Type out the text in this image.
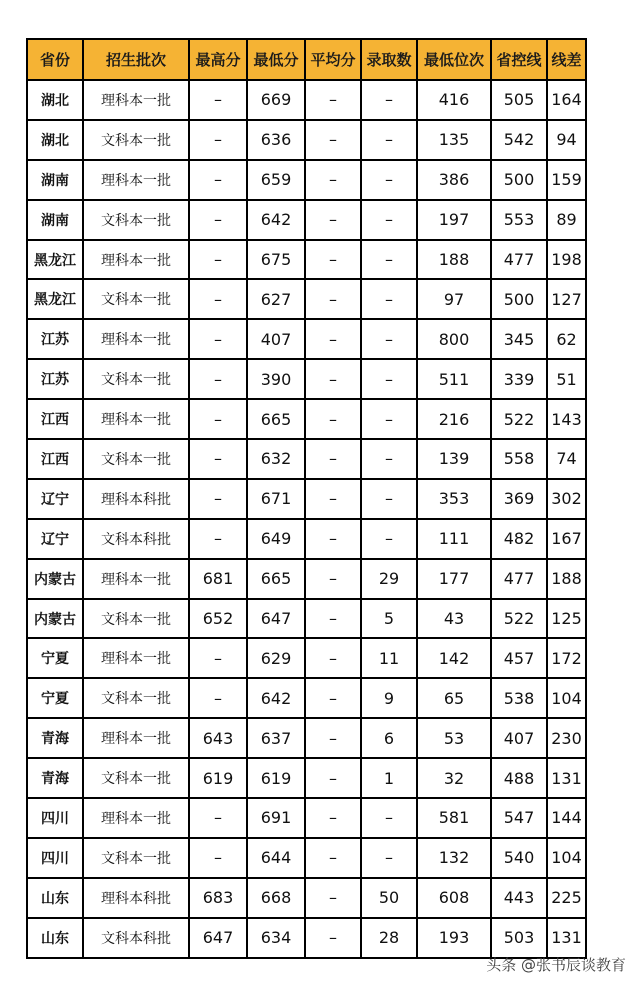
省份	招生批次	最高分	最低分	平均分	录取数	最低位次	省控线	线差
湖北	理科本一批	–	669	–	–	416	505	164
湖北	文科本一批	–	636	–	–	135	542	94
湖南	理科本一批	–	659	–	–	386	500	159
湖南	文科本一批	–	642	–	–	197	553	89
黑龙江	理科本一批	–	675	–	–	188	477	198
黑龙江	文科本一批	–	627	–	–	97	500	127
江苏	理科本一批	–	407	–	–	800	345	62
江苏	文科本一批	–	390	–	–	511	339	51
江西	理科本一批	–	665	–	–	216	522	143
江西	文科本一批	–	632	–	–	139	558	74
辽宁	理科本科批	–	671	–	–	353	369	302
辽宁	文科本科批	–	649	–	–	111	482	167
内蒙古	理科本一批	681	665	–	29	177	477	188
内蒙古	文科本一批	652	647	–	5	43	522	125
宁夏	理科本一批	–	629	–	11	142	457	172
宁夏	文科本一批	–	642	–	9	65	538	104
青海	理科本一批	643	637	–	6	53	407	230
青海	文科本一批	619	619	–	1	32	488	131
四川	理科本一批	–	691	–	–	581	547	144
四川	文科本一批	–	644	–	–	132	540	104
山东	理科本科批	683	668	–	50	608	443	225
山东	文科本科批	647	634	–	28	193	503	131
头条 @张书辰谈教育
